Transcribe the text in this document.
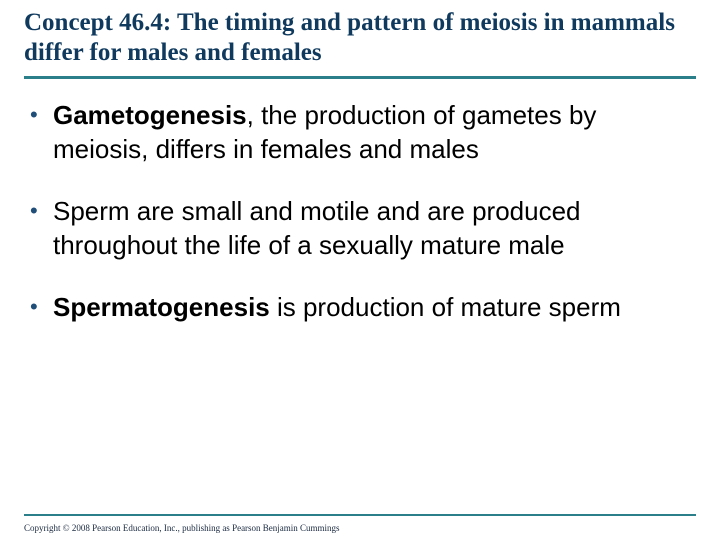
Concept 46.4: The timing and pattern of meiosis in mammals differ for males and females
• Gametogenesis, the production of gametes by meiosis, differs in females and males
• Sperm are small and motile and are produced throughout the life of a sexually mature male
• Spermatogenesis is production of mature sperm
Copyright © 2008 Pearson Education, Inc., publishing as Pearson Benjamin Cummings
